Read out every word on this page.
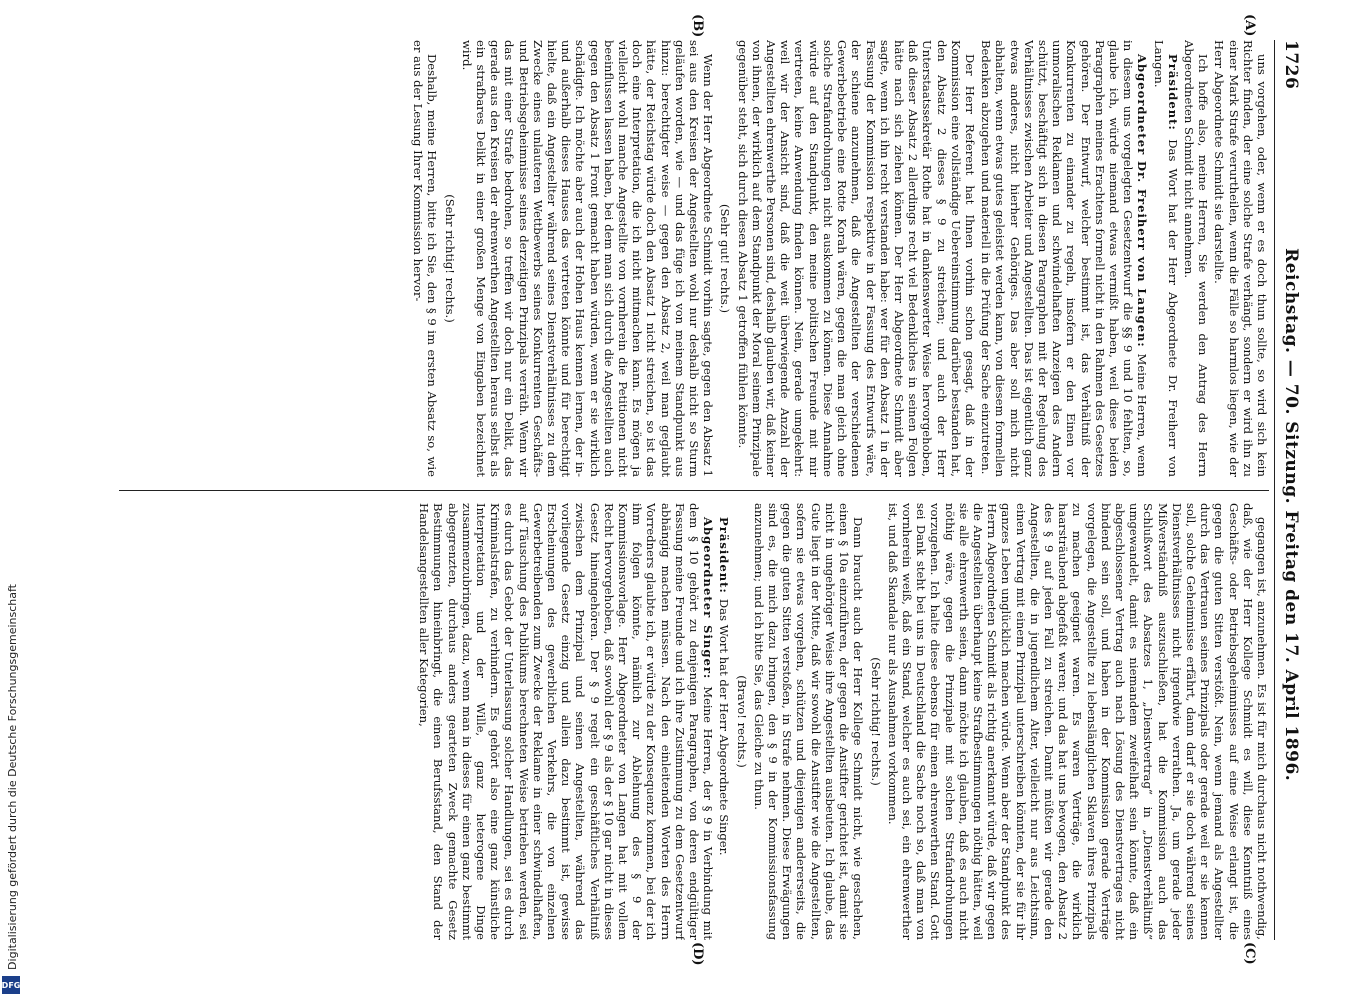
1726
Reichstag. — 70. Sitzung. Freitag den 17. April 1896.
(A)
(B)
(C)
(D)

uns vorgehen, oder, wenn er es doch thun sollte, so wird sich kein Richter finden, der eine solche Strafe verhängt, sondern er wird ihn zu einer Mark Strafe verurtheilen, wenn die Fälle so harmlos liegen, wie der Herr Abgeordnete Schmidt sie darstellte.

Ich hoffe also, meine Herren, Sie werden den Antrag des Herrn Abgeordneten Schmidt nicht annehmen.

Präsident: Das Wort hat der Herr Abgeordnete Dr. Freiherr von Langen.

Abgeordneter Dr. Freiherr von Langen: Meine Herren, wenn in diesem uns vorgelegten Gesetzentwurf die §§ 9 und 10 fehlten, so, glaube ich, würde niemand etwas vermißt haben, weil diese beiden Paragraphen meines Erachtens formell nicht in den Rahmen des Gesetzes gehören. Der Entwurf, welcher bestimmt ist, das Verhältniß der Konkurrenten zu einander zu regeln, insofern er den Einen vor unmoralischen Reklamen und schwindelhaften Anzeigen des Andern schützt, beschäftigt sich in diesen Paragraphen mit der Regelung des Verhältnisses zwischen Arbeiter und Angestellten. Das ist eigentlich ganz etwas anderes, nicht hierher Gehöriges. Das aber soll mich nicht abhalten, wenn etwas gutes geleistet werden kann, von diesem formellen Bedenken abzugehen und materiell in die Prüfung der Sache einzutreten.

Der Herr Referent hat Ihnen vorhin schon gesagt, daß in der Kommission eine vollständige Uebereinstimmung darüber bestanden hat, den Absatz 2 dieses § 9 zu streichen; und auch der Herr Unterstaatssekretär Rothe hat in dankenswerter Weise hervorgehoben, daß dieser Absatz 2 allerdings recht viel Bedenkliches in seinen Folgen hätte nach sich ziehen können. Der Herr Abgeordnete Schmidt aber sagte, wenn ich ihn recht verstanden habe: wer für den Absatz 1 in der Fassung der Kommission respektive in der Fassung des Entwurfs wäre, der schiene anzunehmen, daß die Angestellten der verschiedenen Gewerbebetriebe eine Rotte Korah wären, gegen die man gleich ohne solche Strafandrohungen nicht auskommen zu können. Diese Annahme würde auf den Standpunkt, den meine politischen Freunde mit mir vertreten, keine Anwendung finden können. Nein, gerade umgekehrt: weil wir der Ansicht sind, daß die weit überwiegende Anzahl der Angestellten ehrenwerthe Personen sind, deshalb glauben wir, daß keiner von ihnen, der wirklich auf dem Standpunkt der Moral seinem Prinzipale gegenüber steht, sich durch diesen Absatz 1 getroffen fühlen könnte.

(Sehr gut! rechts.)

Wenn der Herr Abgeordnete Schmidt vorhin sagte, gegen den Absatz 1 sei aus den Kreisen der Angestellten wohl nur deshalb nicht so Sturm geläufen worden, wie — und das füge ich von meinem Standpunkt aus hinzu: berechtigter weise — gegen den Absatz 2, weil man geglaubt hätte, der Reichstag würde doch den Absatz 1 nicht streichen, so ist das doch eine Interpretation, die ich nicht mitmachen kann. Es mögen ja vielleicht wohl manche Angestellte von vornherein die Petitionen nicht beeinflussen lassen haben, bei dem man sich durch die Angestellten auch gegen den Absatz 1 Front gemacht haben würden, wenn er sie wirklich schädigte. Ich möchte aber auch der Hohen Haus kennen lernen, der in- und außerhalb dieses Hauses das vertreten könnte und für berechtigt hielte, daß ein Angestellter während seines Dienstverhältnisses zu dem Zwecke eines unlauteren Wettbewerbs seines Konkurrenten Geschäfts- und Betriebsgeheimnisse seines derzeitigen Prinzipals verräth. Wenn wir das mit einer Strafe bedrohen, so treffen wir doch nur ein Delikt, das gerade aus den Kreisen der ehrenwerthen Angestellten heraus selbst als ein strafbares Delikt in einer großen Menge von Eingaben bezeichnet wird.

(Sehr richtig! rechts.)

Deshalb, meine Herren, bitte ich Sie, den § 9 im ersten Absatz so, wie er aus der Lesung Ihrer Kommission hervor-

gegangen ist, anzunehmen. Es ist für mich durchaus nicht nothwendig, daß, wie der Herr Kollege Schmidt es will, diese Kenntniß eines Geschäfts- oder Betriebsgeheimnisses auf eine Weise erlangt ist, die gegen die guten Sitten verstößt. Nein, wenn jemand als Angestellter durch das Vertrauen seines Prinzipals oder gerade weil er sie kennen soll, solche Geheimnisse erfährt, dann darf er sie doch während seines Dienstverhältnisses nicht irgendwie verrathen. Ja, um gerade jeder Mißverständniß auszuschließen, hat die Kommission auch das Schlußwort des Absatzes 1, „Dienstvertrag“ in „Dienstverhältniß“ umgewandelt, damit es niemandem zweifelhaft sein könnte, daß ein abgeschlossener Vertrag auch nach Lösung des Dienstvertrages nicht bindend sein soll, und haben in der Kommission gerade Verträge vorgelegen, die Angestellte zu lebenslänglichen Sklaven ihres Prinzipals zu machen geeignet waren. Es waren Verträge, die wirklich haarsträubend abgefaßt waren; und das hat uns bewogen, den Absatz 2 des § 9 auf jeden Fall zu streichen. Damit müßten wir gerade den Angestellten, die in jugendlichem Alter, vielleicht nur aus Leichtsinn, einen Vertrag mit einem Prinzipal unterschreiben könnten, der sie für ihr ganzes Leben unglücklich machen würde. Wenn aber der Standpunkt des Herrn Abgeordneten Schmidt als richtig anerkannt würde, daß wir gegen die Angestellten überhaupt keine Strafbestimmungen nöthig hätten, weil sie alle ehrenwerth seien, dann möchte ich glauben, daß es auch nicht nöthig wäre, gegen die Prinzipale mit solchen Strafandrohungen vorzugehen. Ich halte diese ebenso für einen ehrenwerthen Stand. Gott sei Dank steht bei uns in Deutschland die Sache noch so, daß man von vornherein weiß, daß ein Stand, welcher es auch sei, ein ehrenwerther ist, und daß Skandale nur als Ausnahmen vorkommen.

(Sehr richtig! rechts.)

Dann braucht auch der Herr Kollege Schmidt nicht, wie geschehen, einen § 10a einzuführen, der gegen die Anstifter gerichtet ist, damit sie nicht in ungehöriger Weise ihre Angestellten ausbeuten. Ich glaube, das Gute liegt in der Mitte, daß wir sowohl die Anstifter wie die Angestellten, sofern sie etwas vorgehen, schützen und diejenigen andererseits, die gegen die guten Sitten verstoßen, in Strafe nehmen. Diese Erwägungen sind es, die mich dazu bringen, den § 9 in der Kommissionsfassung anzunehmen; und ich bitte Sie, das Gleiche zu thun.

(Bravo! rechts.)

Präsident: Das Wort hat der Herr Abgeordnete Singer.

Abgeordneter Singer: Meine Herren, der § 9 in Verbindung mit dem § 10 gehört zu denjenigen Paragraphen, von deren endgültiger Fassung meine Freunde und ich ihre Zustimmung zu dem Gesetzentwurf abhängig machen müssen. Nach den einleitenden Worten des Herrn Vorredners glaubte ich, er würde zu der Konsequenz kommen, bei der ich ihm folgen könnte, nämlich zur Ablehnung des § 9 der Kommissionsvorlage. Herr Abgeordneter von Langen hat mit vollem Recht hervorgehoben, daß sowohl der § 9 als der § 10 gar nicht in dieses Gesetz hineingehören. Der § 9 regelt ein geschäftliches Verhältniß zwischen dem Prinzipal und seinen Angestellten, während das vorliegende Gesetz einzig und allein dazu bestimmt ist, gewisse Erscheinungen des gewerblichen Verkehrs, die von einzelnen Gewerbetreibenden zum Zwecke der Reklame in einer schwindelhaften, auf Täuschung des Publikums berechneten Weise betrieben werden, sei es durch das Gebot der Unterlassung solcher Handlungen, sei es durch Kriminalstrafen, zu verhindern. Es gehört also eine ganz künstliche Interpretation und der Wille, ganz heterogene Dinge zusammenzubringen, dazu, wenn man in dieses für einen ganz bestimmt abgegrenzten, durchaus anders gearteten Zweck gemachte Gesetz Bestimmungen hineinbringt, die einen Berufsstand, den Stand der Handelsangestellten aller Kategorien,

Digitalisierung gefördert durch die Deutsche Forschungsgemeinschaft
DFG
